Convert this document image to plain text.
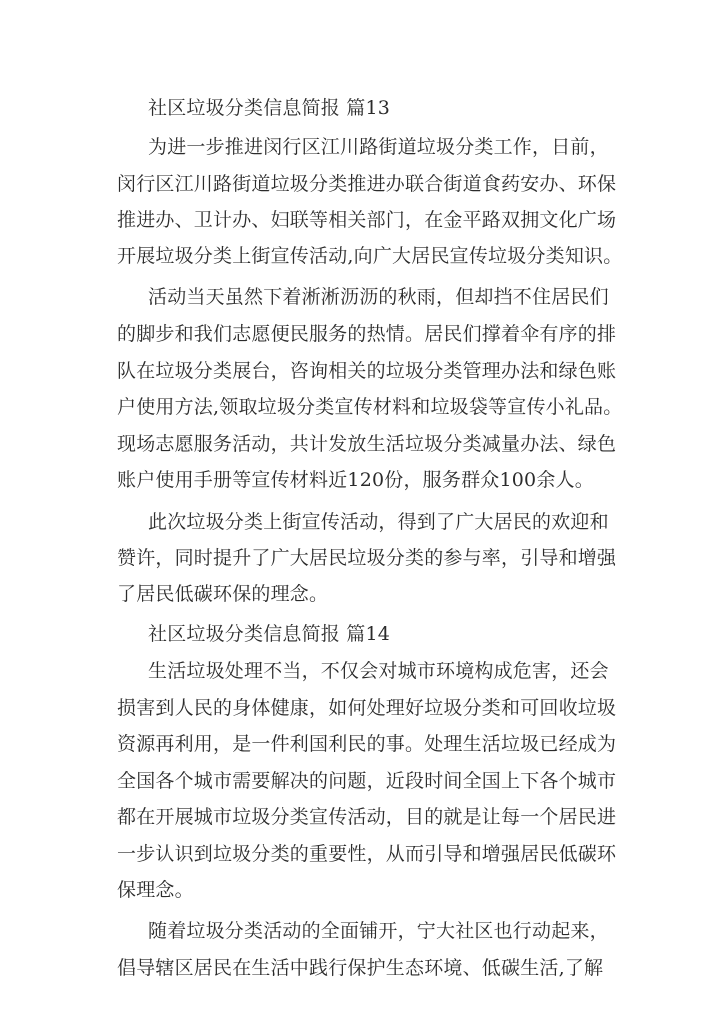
社区垃圾分类信息简报 篇13
为进一步推进闵行区江川路街道垃圾分类工作，日前，
闵行区江川路街道垃圾分类推进办联合街道食药安办、环保
推进办、卫计办、妇联等相关部门，在金平路双拥文化广场
开展垃圾分类上街宣传活动,向广大居民宣传垃圾分类知识。
活动当天虽然下着淅淅沥沥的秋雨，但却挡不住居民们
的脚步和我们志愿便民服务的热情。居民们撑着伞有序的排
队在垃圾分类展台，咨询相关的垃圾分类管理办法和绿色账
户使用方法,领取垃圾分类宣传材料和垃圾袋等宣传小礼品。
现场志愿服务活动，共计发放生活垃圾分类减量办法、绿色
账户使用手册等宣传材料近120份，服务群众100余人。
此次垃圾分类上街宣传活动，得到了广大居民的欢迎和
赞许，同时提升了广大居民垃圾分类的参与率，引导和增强
了居民低碳环保的理念。
社区垃圾分类信息简报 篇14
生活垃圾处理不当，不仅会对城市环境构成危害，还会
损害到人民的身体健康，如何处理好垃圾分类和可回收垃圾
资源再利用，是一件利国利民的事。处理生活垃圾已经成为
全国各个城市需要解决的问题，近段时间全国上下各个城市
都在开展城市垃圾分类宣传活动，目的就是让每一个居民进
一步认识到垃圾分类的重要性，从而引导和增强居民低碳环
保理念。
随着垃圾分类活动的全面铺开，宁大社区也行动起来，
倡导辖区居民在生活中践行保护生态环境、低碳生活,了解
